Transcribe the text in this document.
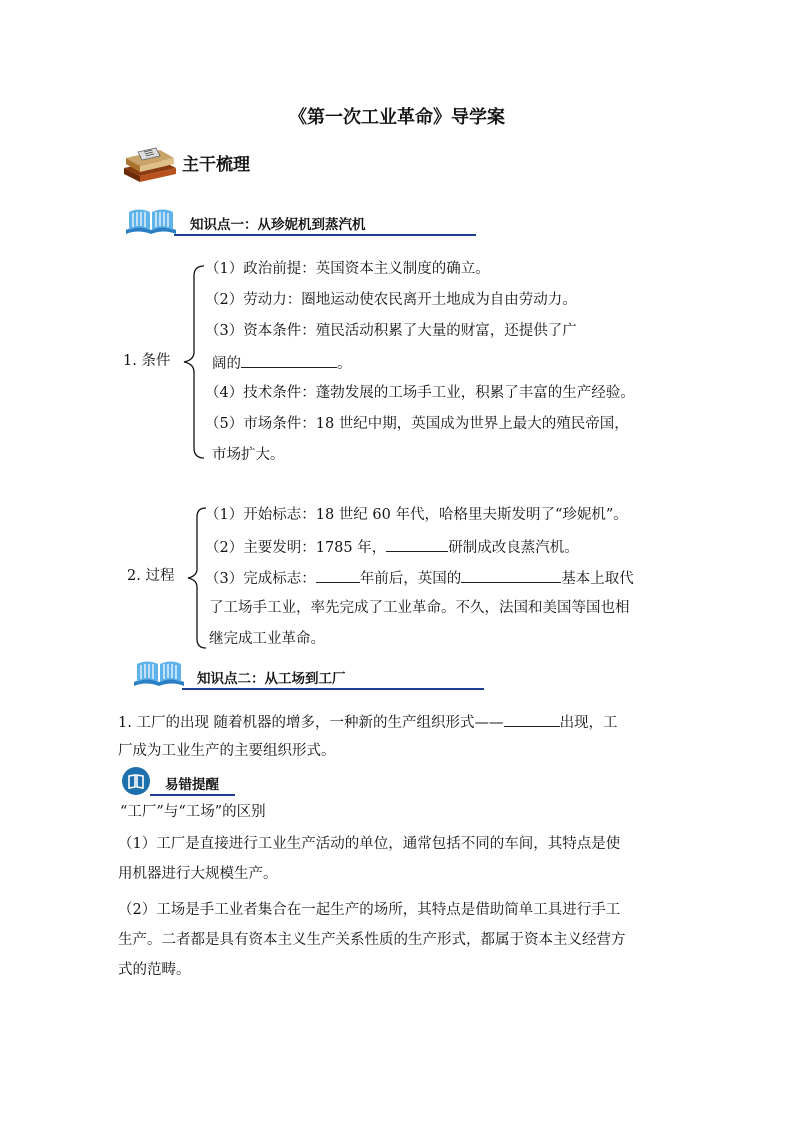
《第一次工业革命》导学案
主干梳理
知识点一：从珍妮机到蒸汽机
1. 条件
（1）政治前提：英国资本主义制度的确立。
（2）劳动力：圈地运动使农民离开土地成为自由劳动力。
（3）资本条件：殖民活动积累了大量的财富，还提供了广
阔的	。
（4）技术条件：蓬勃发展的工场手工业，积累了丰富的生产经验。
（5）市场条件：18 世纪中期，英国成为世界上最大的殖民帝国，
市场扩大。
2. 过程
（1）开始标志：18 世纪 60 年代，哈格里夫斯发明了“珍妮机”。
（2）主要发明：1785 年，	研制成改良蒸汽机。
（3）完成标志：	年前后，英国的	基本上取代
了工场手工业，率先完成了工业革命。不久，法国和美国等国也相
继完成工业革命。
知识点二：从工场到工厂
1. 工厂的出现 随着机器的增多，一种新的生产组织形式——	出现，工
厂成为工业生产的主要组织形式。
易错提醒
“工厂”与“工场”的区别
（1）工厂是直接进行工业生产活动的单位，通常包括不同的车间，其特点是使
用机器进行大规模生产。
（2）工场是手工业者集合在一起生产的场所，其特点是借助简单工具进行手工
生产。二者都是具有资本主义生产关系性质的生产形式，都属于资本主义经营方
式的范畴。
